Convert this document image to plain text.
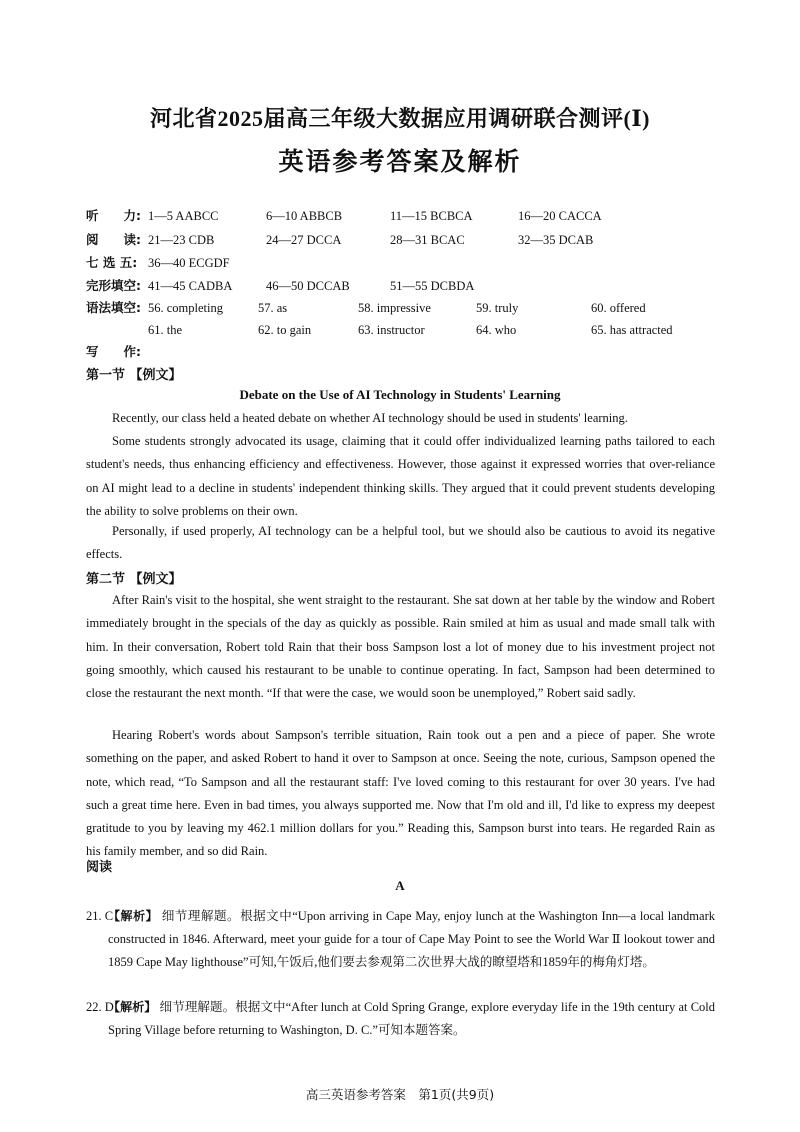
河北省2025届高三年级大数据应用调研联合测评(Ⅰ)
英语参考答案及解析
听　　力: 1—5 AABCC	6—10 ABBCB	11—15 BCBCA	16—20 CACCA
阅　　读: 21—23 CDB	24—27 DCCA	28—31 BCAC	32—35 DCAB
七 选 五: 36—40 ECGDF
完形填空: 41—45 CADBA	46—50 DCCAB	51—55 DCBDA
语法填空: 56. completing	57. as	58. impressive	59. truly	60. offered
61. the	62. to gain	63. instructor	64. who	65. has attracted
写　　作:
第一节 【例文】
Debate on the Use of AI Technology in Students' Learning
Recently, our class held a heated debate on whether AI technology should be used in students' learning.
Some students strongly advocated its usage, claiming that it could offer individualized learning paths tailored to each student's needs, thus enhancing efficiency and effectiveness. However, those against it expressed worries that over-reliance on AI might lead to a decline in students' independent thinking skills. They argued that it could prevent students developing the ability to solve problems on their own.
Personally, if used properly, AI technology can be a helpful tool, but we should also be cautious to avoid its negative effects.
第二节 【例文】
After Rain's visit to the hospital, she went straight to the restaurant. She sat down at her table by the window and Robert immediately brought in the specials of the day as quickly as possible. Rain smiled at him as usual and made small talk with him. In their conversation, Robert told Rain that their boss Sampson lost a lot of money due to his investment project not going smoothly, which caused his restaurant to be unable to continue operating. In fact, Sampson had been determined to close the restaurant the next month. “If that were the case, we would soon be unemployed,” Robert said sadly.
Hearing Robert's words about Sampson's terrible situation, Rain took out a pen and a piece of paper. She wrote something on the paper, and asked Robert to hand it over to Sampson at once. Seeing the note, curious, Sampson opened the note, which read, “To Sampson and all the restaurant staff: I've loved coming to this restaurant for over 30 years. I've had such a great time here. Even in bad times, you always supported me. Now that I'm old and ill, I'd like to express my deepest gratitude to you by leaving my 462.1 million dollars for you.” Reading this, Sampson burst into tears. He regarded Rain as his family member, and so did Rain.
阅读
A
21. C
【解析】 细节理解题。根据文中“Upon arriving in Cape May, enjoy lunch at the Washington Inn—a local landmark constructed in 1846. Afterward, meet your guide for a tour of Cape May Point to see the World War Ⅱ lookout tower and 1859 Cape May lighthouse”可知,午饭后,他们要去参观第二次世界大战的瞭望塔和1859年的梅角灯塔。
22. D
【解析】 细节理解题。根据文中“After lunch at Cold Spring Grange, explore everyday life in the 19th century at Cold Spring Village before returning to Washington, D. C.”可知本题答案。
高三英语参考答案　第1页(共9页)
